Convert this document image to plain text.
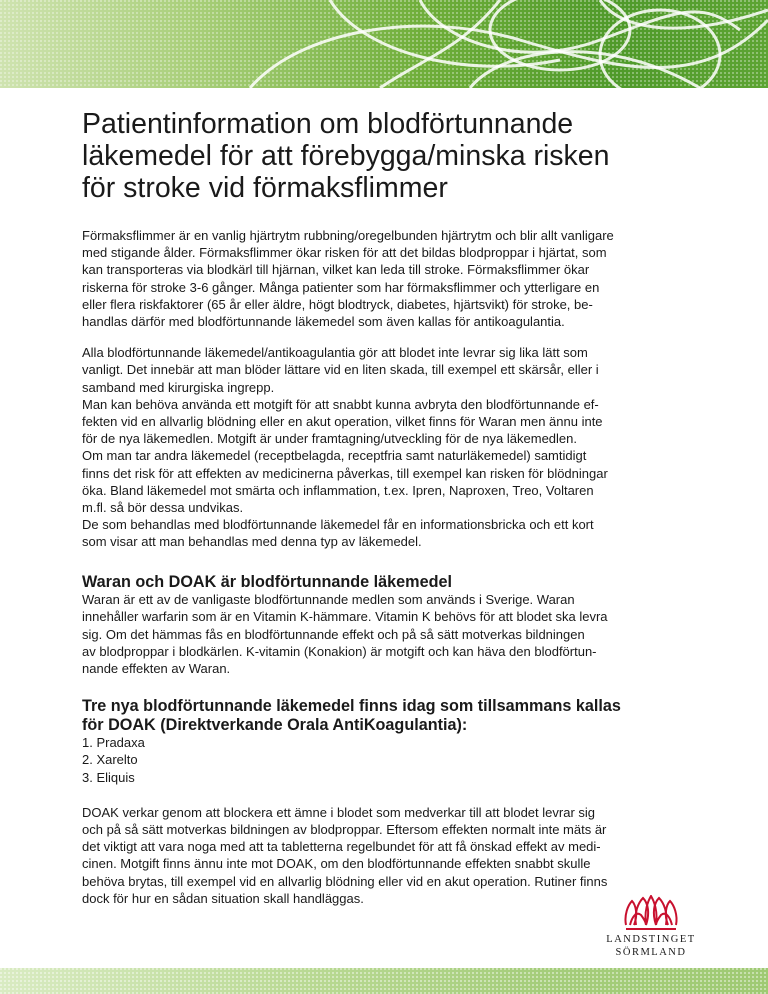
Patientinformation om blodförtunnande
läkemedel för att förebygga/minska risken
för stroke vid förmaksflimmer

Förmaksflimmer är en vanlig hjärtrytm rubbning/oregelbunden hjärtrytm och blir allt vanligare
med stigande ålder. Förmaksflimmer ökar risken för att det bildas blodproppar i hjärtat, som
kan transporteras via blodkärl till hjärnan, vilket kan leda till stroke. Förmaksflimmer ökar
riskerna för stroke 3-6 gånger. Många patienter som har förmaksflimmer och ytterligare en
eller flera riskfaktorer (65 år eller äldre, högt blodtryck, diabetes, hjärtsvikt) för stroke, be-
handlas därför med blodförtunnande läkemedel som även kallas för antikoagulantia.

Alla blodförtunnande läkemedel/antikoagulantia gör att blodet inte levrar sig lika lätt som
vanligt. Det innebär att man blöder lättare vid en liten skada, till exempel ett skärsår, eller i
samband med kirurgiska ingrepp.
Man kan behöva använda ett motgift för att snabbt kunna avbryta den blodförtunnande ef-
fekten vid en allvarlig blödning eller en akut operation, vilket finns för Waran men ännu inte
för de nya läkemedlen. Motgift är under framtagning/utveckling för de nya läkemedlen.
Om man tar andra läkemedel (receptbelagda, receptfria samt naturläkemedel) samtidigt
finns det risk för att effekten av medicinerna påverkas, till exempel kan risken för blödningar
öka. Bland läkemedel mot smärta och inflammation, t.ex. Ipren, Naproxen, Treo, Voltaren
m.fl. så bör dessa undvikas.
De som behandlas med blodförtunnande läkemedel får en informationsbricka och ett kort
som visar att man behandlas med denna typ av läkemedel.

Waran och DOAK är blodförtunnande läkemedel

Waran är ett av de vanligaste blodförtunnande medlen som används i Sverige. Waran
innehåller warfarin som är en Vitamin K-hämmare. Vitamin K behövs för att blodet ska levra
sig. Om det hämmas fås en blodförtunnande effekt och på så sätt motverkas bildningen
av blodproppar i blodkärlen. K-vitamin (Konakion) är motgift och kan häva den blodförtun-
nande effekten av Waran.

Tre nya blodförtunnande läkemedel finns idag som tillsammans kallas
för DOAK (Direktverkande Orala AntiKoagulantia):
1. Pradaxa
2. Xarelto
3. Eliquis

DOAK verkar genom att blockera ett ämne i blodet som medverkar till att blodet levrar sig
och på så sätt motverkas bildningen av blodproppar. Eftersom effekten normalt inte mäts är
det viktigt att vara noga med att ta tabletterna regelbundet för att få önskad effekt av medi-
cinen. Motgift finns ännu inte mot DOAK, om den blodförtunnande effekten snabbt skulle
behöva brytas, till exempel vid en allvarlig blödning eller vid en akut operation. Rutiner finns
dock för hur en sådan situation skall handläggas.

LANDSTINGET
SÖRMLAND
